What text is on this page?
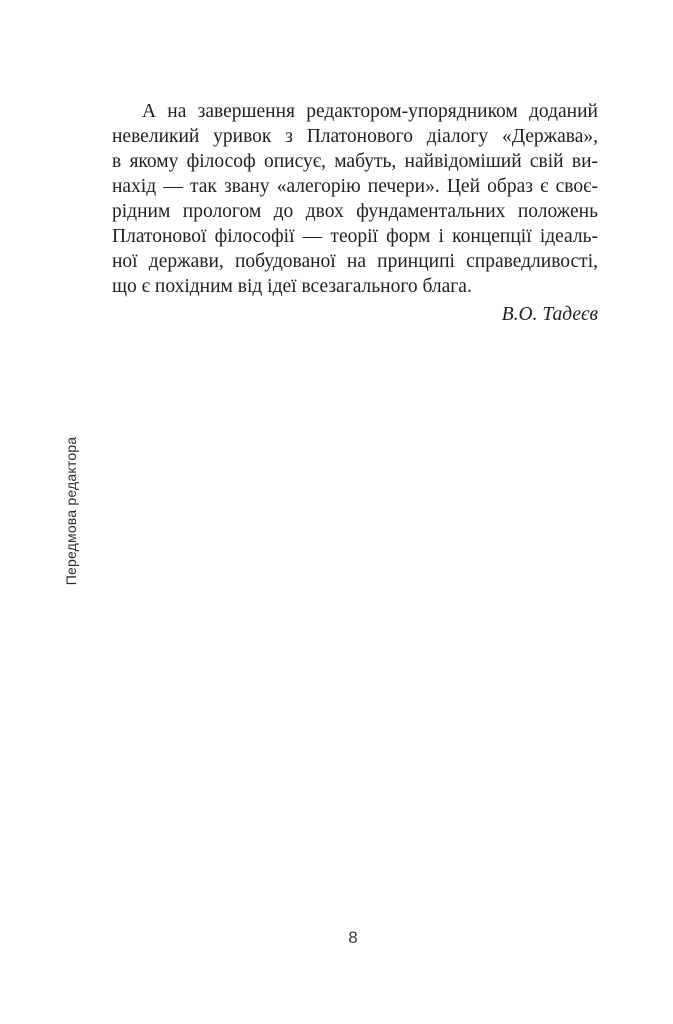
А на завершення редактором-упорядником доданий
невеликий уривок з Платонового діалогу «Держава»,
в якому філософ описує, мабуть, найвідоміший свій ви-
нахід — так звану «алегорію печери». Цей образ є своє-
рідним прологом до двох фундаментальних положень
Платонової філософії — теорії форм і концепції ідеаль-
ної держави, побудованої на принципі справедливості,
що є похідним від ідеї всезагального блага.
В.О. Тадеєв
Передмова редактора
8
